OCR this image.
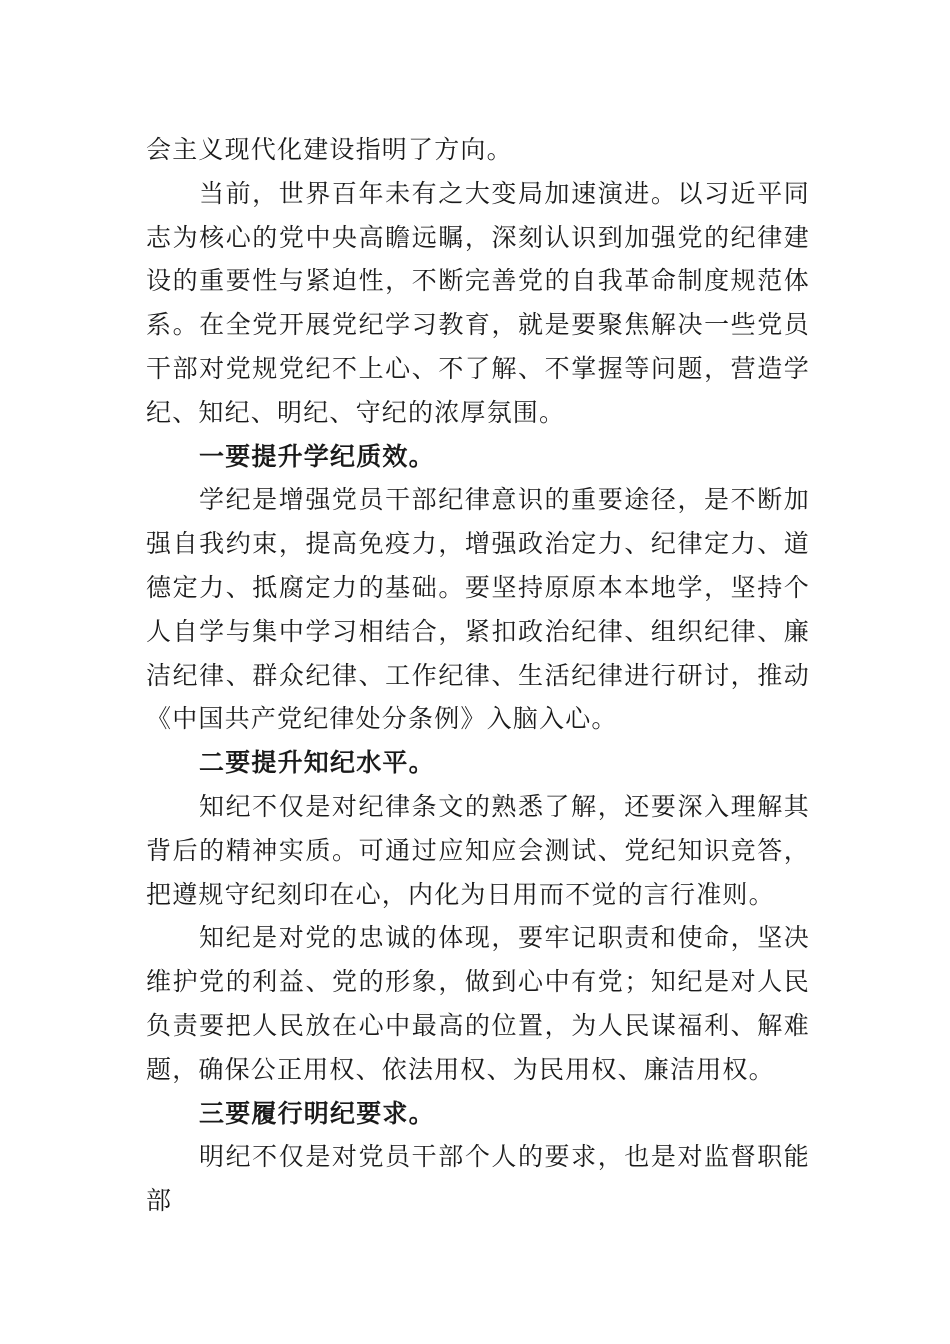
会主义现代化建设指明了方向。

当前，世界百年未有之大变局加速演进。以习近平同志为核心的党中央高瞻远瞩，深刻认识到加强党的纪律建设的重要性与紧迫性，不断完善党的自我革命制度规范体系。在全党开展党纪学习教育，就是要聚焦解决一些党员干部对党规党纪不上心、不了解、不掌握等问题，营造学纪、知纪、明纪、守纪的浓厚氛围。

一要提升学纪质效。

学纪是增强党员干部纪律意识的重要途径，是不断加强自我约束，提高免疫力，增强政治定力、纪律定力、道德定力、抵腐定力的基础。要坚持原原本本地学，坚持个人自学与集中学习相结合，紧扣政治纪律、组织纪律、廉洁纪律、群众纪律、工作纪律、生活纪律进行研讨，推动《中国共产党纪律处分条例》入脑入心。

二要提升知纪水平。

知纪不仅是对纪律条文的熟悉了解，还要深入理解其背后的精神实质。可通过应知应会测试、党纪知识竞答，把遵规守纪刻印在心，内化为日用而不觉的言行准则。

知纪是对党的忠诚的体现，要牢记职责和使命，坚决维护党的利益、党的形象，做到心中有党；知纪是对人民负责要把人民放在心中最高的位置，为人民谋福利、解难题，确保公正用权、依法用权、为民用权、廉洁用权。

三要履行明纪要求。

明纪不仅是对党员干部个人的要求，也是对监督职能部
